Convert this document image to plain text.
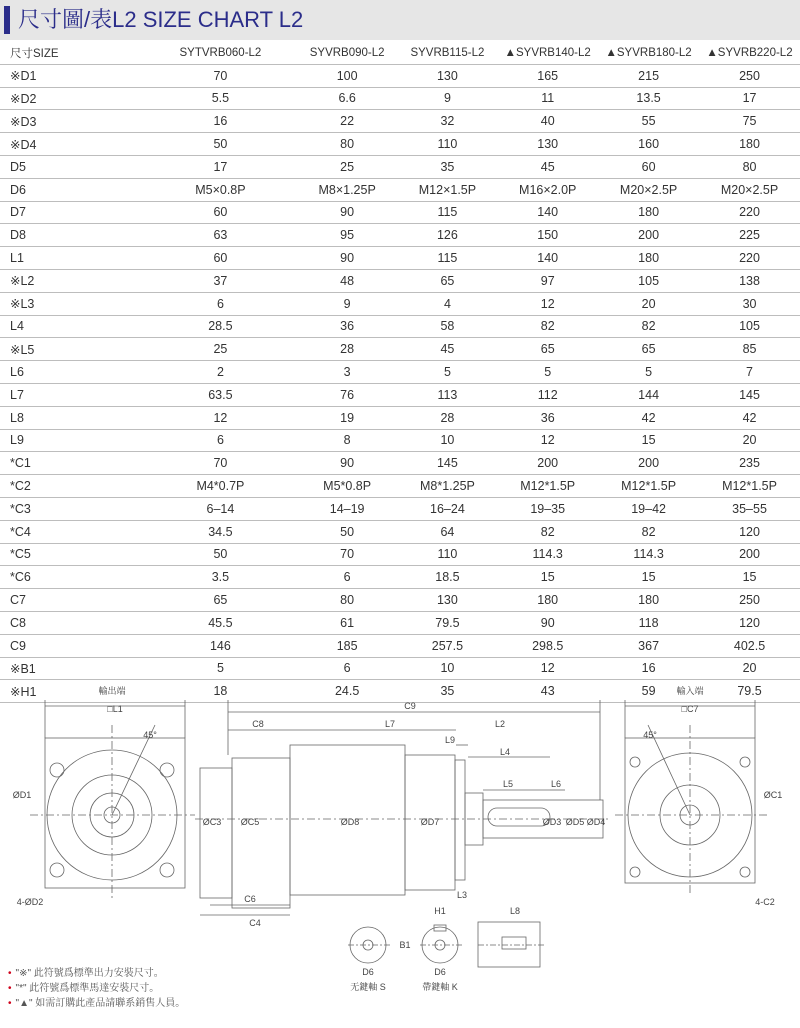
尺寸圖/表L2 SIZE CHART L2
尺寸SIZE	SYTVRB060-L2	SYVRB090-L2	SYVRB115-L2	▲SYVRB140-L2	▲SYVRB180-L2	▲SYVRB220-L2
※D1	70	100	130	165	215	250
※D2	5.5	6.6	9	11	13.5	17
※D3	16	22	32	40	55	75
※D4	50	80	110	130	160	180
D5	17	25	35	45	60	80
D6	M5×0.8P	M8×1.25P	M12×1.5P	M16×2.0P	M20×2.5P	M20×2.5P
D7	60	90	115	140	180	220
D8	63	95	126	150	200	225
L1	60	90	115	140	180	220
※L2	37	48	65	97	105	138
※L3	6	9	4	12	20	30
L4	28.5	36	58	82	82	105
※L5	25	28	45	65	65	85
L6	2	3	5	5	5	7
L7	63.5	76	113	112	144	145
L8	12	19	28	36	42	42
L9	6	8	10	12	15	20
*C1	70	90	145	200	200	235
*C2	M4*0.7P	M5*0.8P	M8*1.25P	M12*1.5P	M12*1.5P	M12*1.5P
*C3	6–14	14–19	16–24	19–35	19–42	35–55
*C4	34.5	50	64	82	82	120
*C5	50	70	110	114.3	114.3	200
*C6	3.5	6	18.5	15	15	15
C7	65	80	130	180	180	250
C8	45.5	61	79.5	90	118	120
C9	146	185	257.5	298.5	367	402.5
※B1	5	6	10	12	16	20
※H1	18	24.5	35	43	59	79.5
輸出端	輸入端
□L1	□C7
45°	45°
ØD1	ØC1
4-ØD2	4-C2
C9
C8	L7	L2
L9
L4
L5	L6
ØC3 ØC5	ØD8	ØD7	ØD3 ØD5 ØD4
C6
C4
L3
H1	L8
B1
D6	D6
无鍵軸 S	帶鍵軸 K
• "※" 此符號爲標準出力安裝尺寸。
• "*" 此符號爲標準馬達安裝尺寸。
• "▲" 如需訂購此產品請聯系銷售人員。
